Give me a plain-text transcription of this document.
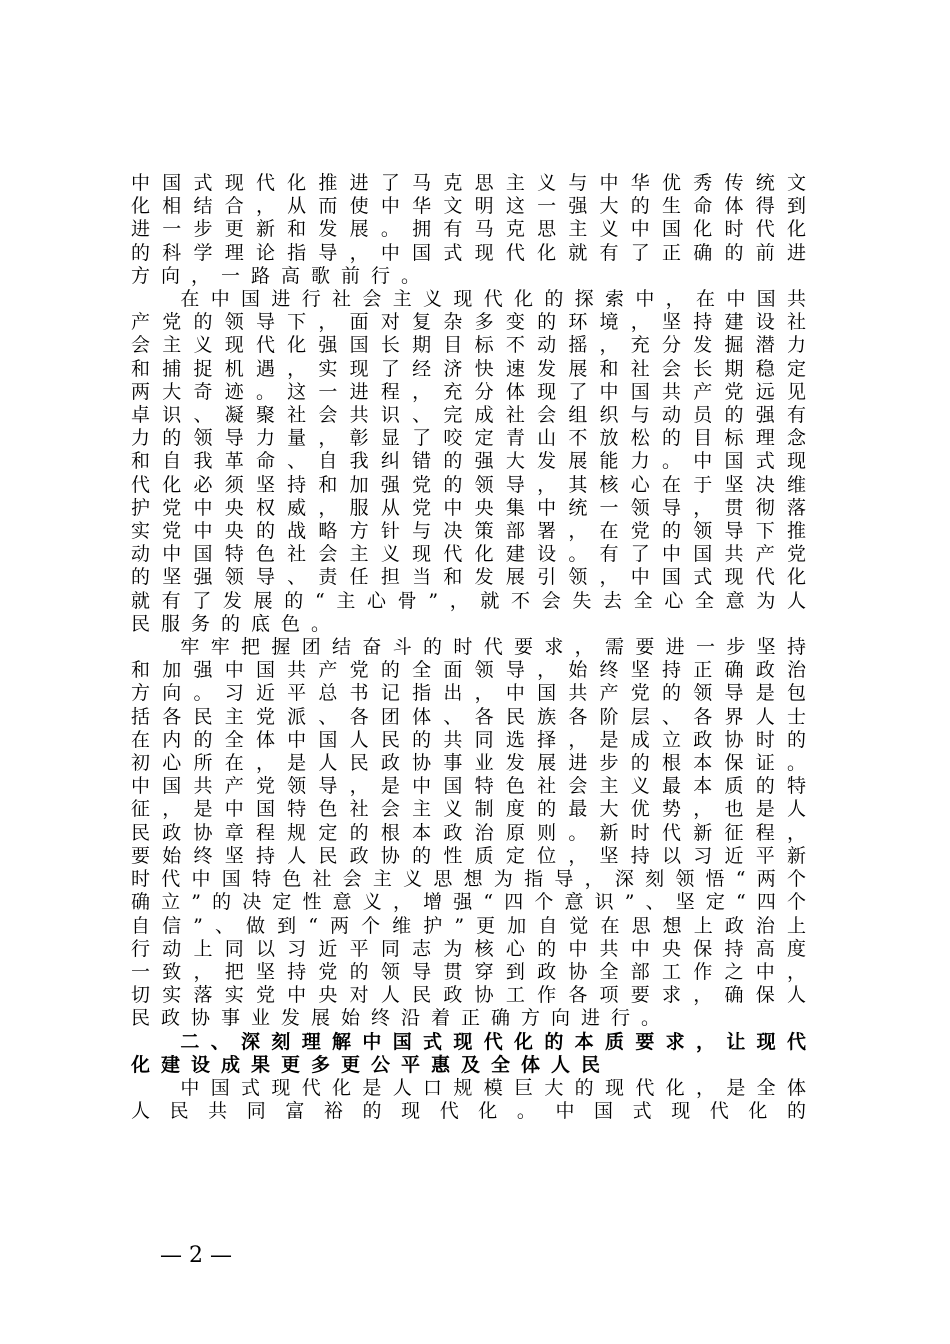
中国式现代化推进了马克思主义与中华优秀传统文化相结合，从而使中华文明这一强大的生命体得到进一步更新和发展。拥有马克思主义中国化时代化的科学理论指导，中国式现代化就有了正确的前进方向，一路高歌前行。

在中国进行社会主义现代化的探索中，在中国共产党的领导下，面对复杂多变的环境，坚持建设社会主义现代化强国长期目标不动摇，充分发掘潜力和捕捉机遇，实现了经济快速发展和社会长期稳定两大奇迹。这一进程，充分体现了中国共产党远见卓识、凝聚社会共识、完成社会组织与动员的强有力的领导力量，彰显了咬定青山不放松的目标理念和自我革命、自我纠错的强大发展能力。中国式现代化必须坚持和加强党的领导，其核心在于坚决维护党中央权威，服从党中央集中统一领导，贯彻落实党中央的战略方针与决策部署，在党的领导下推动中国特色社会主义现代化建设。有了中国共产党的坚强领导、责任担当和发展引领，中国式现代化就有了发展的“主心骨”，就不会失去全心全意为人民服务的底色。

牢牢把握团结奋斗的时代要求，需要进一步坚持和加强中国共产党的全面领导，始终坚持正确政治方向。习近平总书记指出，中国共产党的领导是包括各民主党派、各团体、各民族各阶层、各界人士在内的全体中国人民的共同选择，是成立政协时的初心所在，是人民政协事业发展进步的根本保证。中国共产党领导，是中国特色社会主义最本质的特征，是中国特色社会主义制度的最大优势，也是人民政协章程规定的根本政治原则。新时代新征程，要始终坚持人民政协的性质定位，坚持以习近平新时代中国特色社会主义思想为指导，深刻领悟“两个确立”的决定性意义，增强“四个意识”、坚定“四个自信”、做到“两个维护”更加自觉在思想上政治上行动上同以习近平同志为核心的中共中央保持高度一致，把坚持党的领导贯穿到政协全部工作之中，切实落实党中央对人民政协工作各项要求，确保人民政协事业发展始终沿着正确方向进行。

二、深刻理解中国式现代化的本质要求，让现代化建设成果更多更公平惠及全体人民

中国式现代化是人口规模巨大的现代化，是全体人民共同富裕的现代化。中国式现代化的

— 2 —
